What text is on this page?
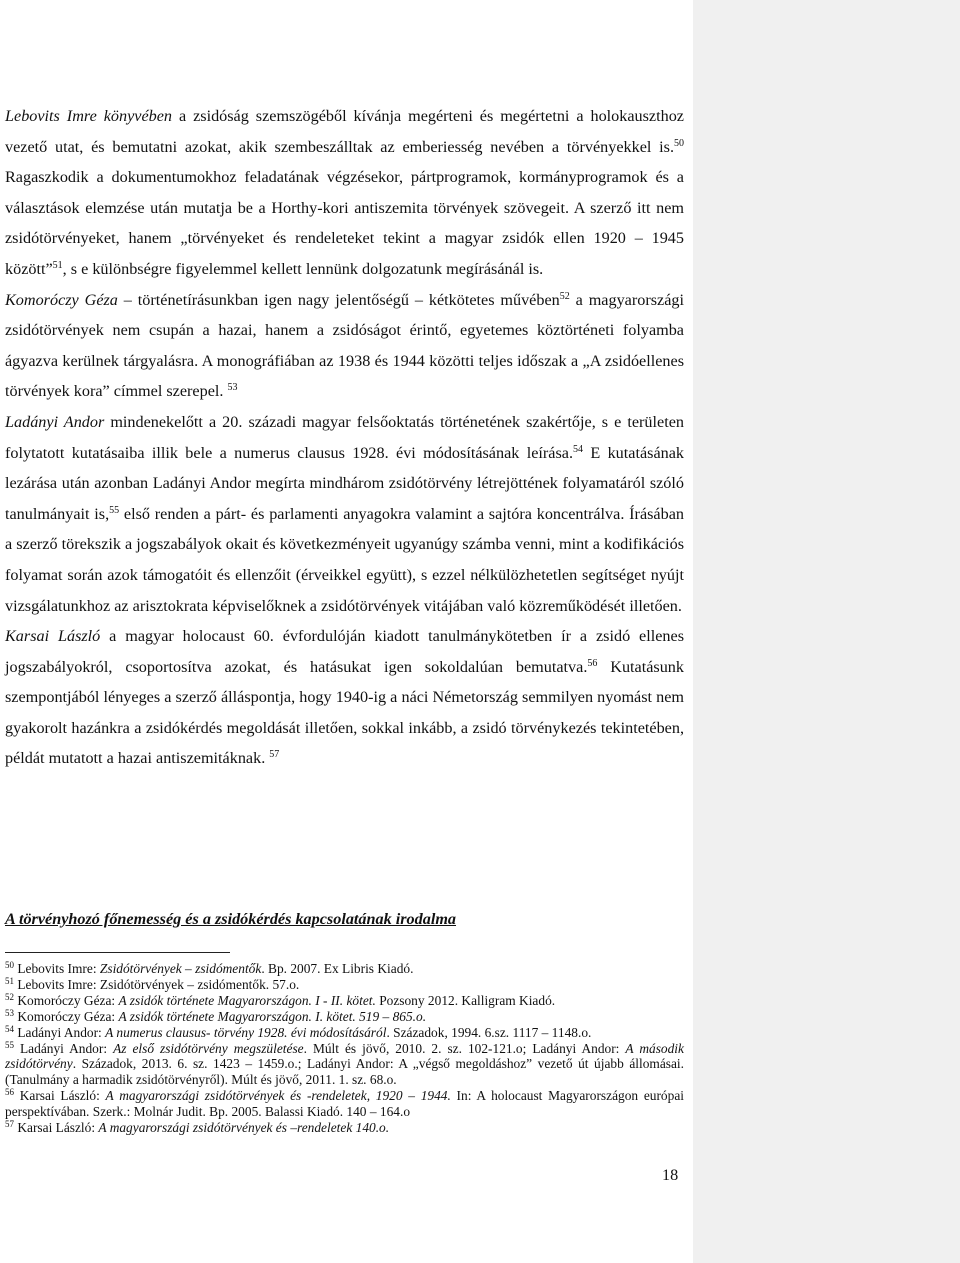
Lebovits Imre könyvében a zsidóság szemszögéből kívánja megérteni és megértetni a holokauszthoz vezető utat, és bemutatni azokat, akik szembeszálltak az emberiesség nevében a törvényekkel is.$^{50}$ Ragaszkodik a dokumentumokhoz feladatának végzésekor, pártprogramok, kormányprogramok és a választások elemzése után mutatja be a Horthy-kori antiszemita törvények szövegeit. A szerző itt nem zsidótörvényeket, hanem „törvényeket és rendeleteket tekint a magyar zsidók ellen 1920 – 1945 között”$^{51}$, s e különbségre figyelemmel kellett lennünk dolgozatunk megírásánál is.

Komoróczy Géza – történetírásunkban igen nagy jelentőségű – kétkötetes művében$^{52}$ a magyarországi zsidótörvények nem csupán a hazai, hanem a zsidóságot érintő, egyetemes köztörténeti folyamba ágyazva kerülnek tárgyalásra. A monográfiában az 1938 és 1944 közötti teljes időszak a „A zsidóellenes törvények kora” címmel szerepel. $^{53}$

Ladányi Andor mindenekelőtt a 20. századi magyar felsőoktatás történetének szakértője, s e területen folytatott kutatásaiba illik bele a numerus clausus 1928. évi módosításának leírása.$^{54}$ E kutatásának lezárása után azonban Ladányi Andor megírta mindhárom zsidótörvény létrejöttének folyamatáról szóló tanulmányait is,$^{55}$ első renden a párt- és parlamenti anyagokra valamint a sajtóra koncentrálva. Írásában a szerző törekszik a jogszabályok okait és következményeit ugyanúgy számba venni, mint a kodifikációs folyamat során azok támogatóit és ellenzőit (érveikkel együtt), s ezzel nélkülözhetetlen segítséget nyújt vizsgálatunkhoz az arisztokrata képviselőknek a zsidótörvények vitájában való közreműködését illetően.

Karsai László a magyar holocaust 60. évfordulóján kiadott tanulmánykötetben ír a zsidó ellenes jogszabályokról, csoportosítva azokat, és hatásukat igen sokoldalúan bemutatva.$^{56}$ Kutatásunk szempontjából lényeges a szerző álláspontja, hogy 1940-ig a náci Németország semmilyen nyomást nem gyakorolt hazánkra a zsidókérdés megoldását illetően, sokkal inkább, a zsidó törvénykezés tekintetében, példát mutatott a hazai antiszemitáknak. $^{57}$

A törvényhozó főnemesség és a zsidókérdés kapcsolatának irodalma

$^{50}$ Lebovits Imre: Zsidótörvények – zsidómentők. Bp. 2007. Ex Libris Kiadó.

$^{51}$ Lebovits Imre: Zsidótörvények – zsidómentők. 57.o.

$^{52}$ Komoróczy Géza: A zsidók története Magyarországon. I - II. kötet. Pozsony 2012. Kalligram Kiadó.

$^{53}$ Komoróczy Géza: A zsidók története Magyarországon. I. kötet. 519 – 865.o.

$^{54}$ Ladányi Andor: A numerus clausus- törvény 1928. évi módosításáról. Századok, 1994. 6.sz. 1117 – 1148.o.

$^{55}$ Ladányi Andor: Az első zsidótörvény megszületése. Múlt és jövő, 2010. 2. sz. 102-121.o; Ladányi Andor: A második zsidótörvény. Századok, 2013. 6. sz. 1423 – 1459.o.; Ladányi Andor: A „végső megoldáshoz” vezető út újabb állomásai. (Tanulmány a harmadik zsidótörvényről). Múlt és jövő, 2011. 1. sz. 68.o.

$^{56}$ Karsai László: A magyarországi zsidótörvények és -rendeletek, 1920 – 1944. In: A holocaust Magyarországon európai perspektívában. Szerk.: Molnár Judit. Bp. 2005. Balassi Kiadó. 140 – 164.o

$^{57}$ Karsai László: A magyarországi zsidótörvények és –rendeletek 140.o.

18
